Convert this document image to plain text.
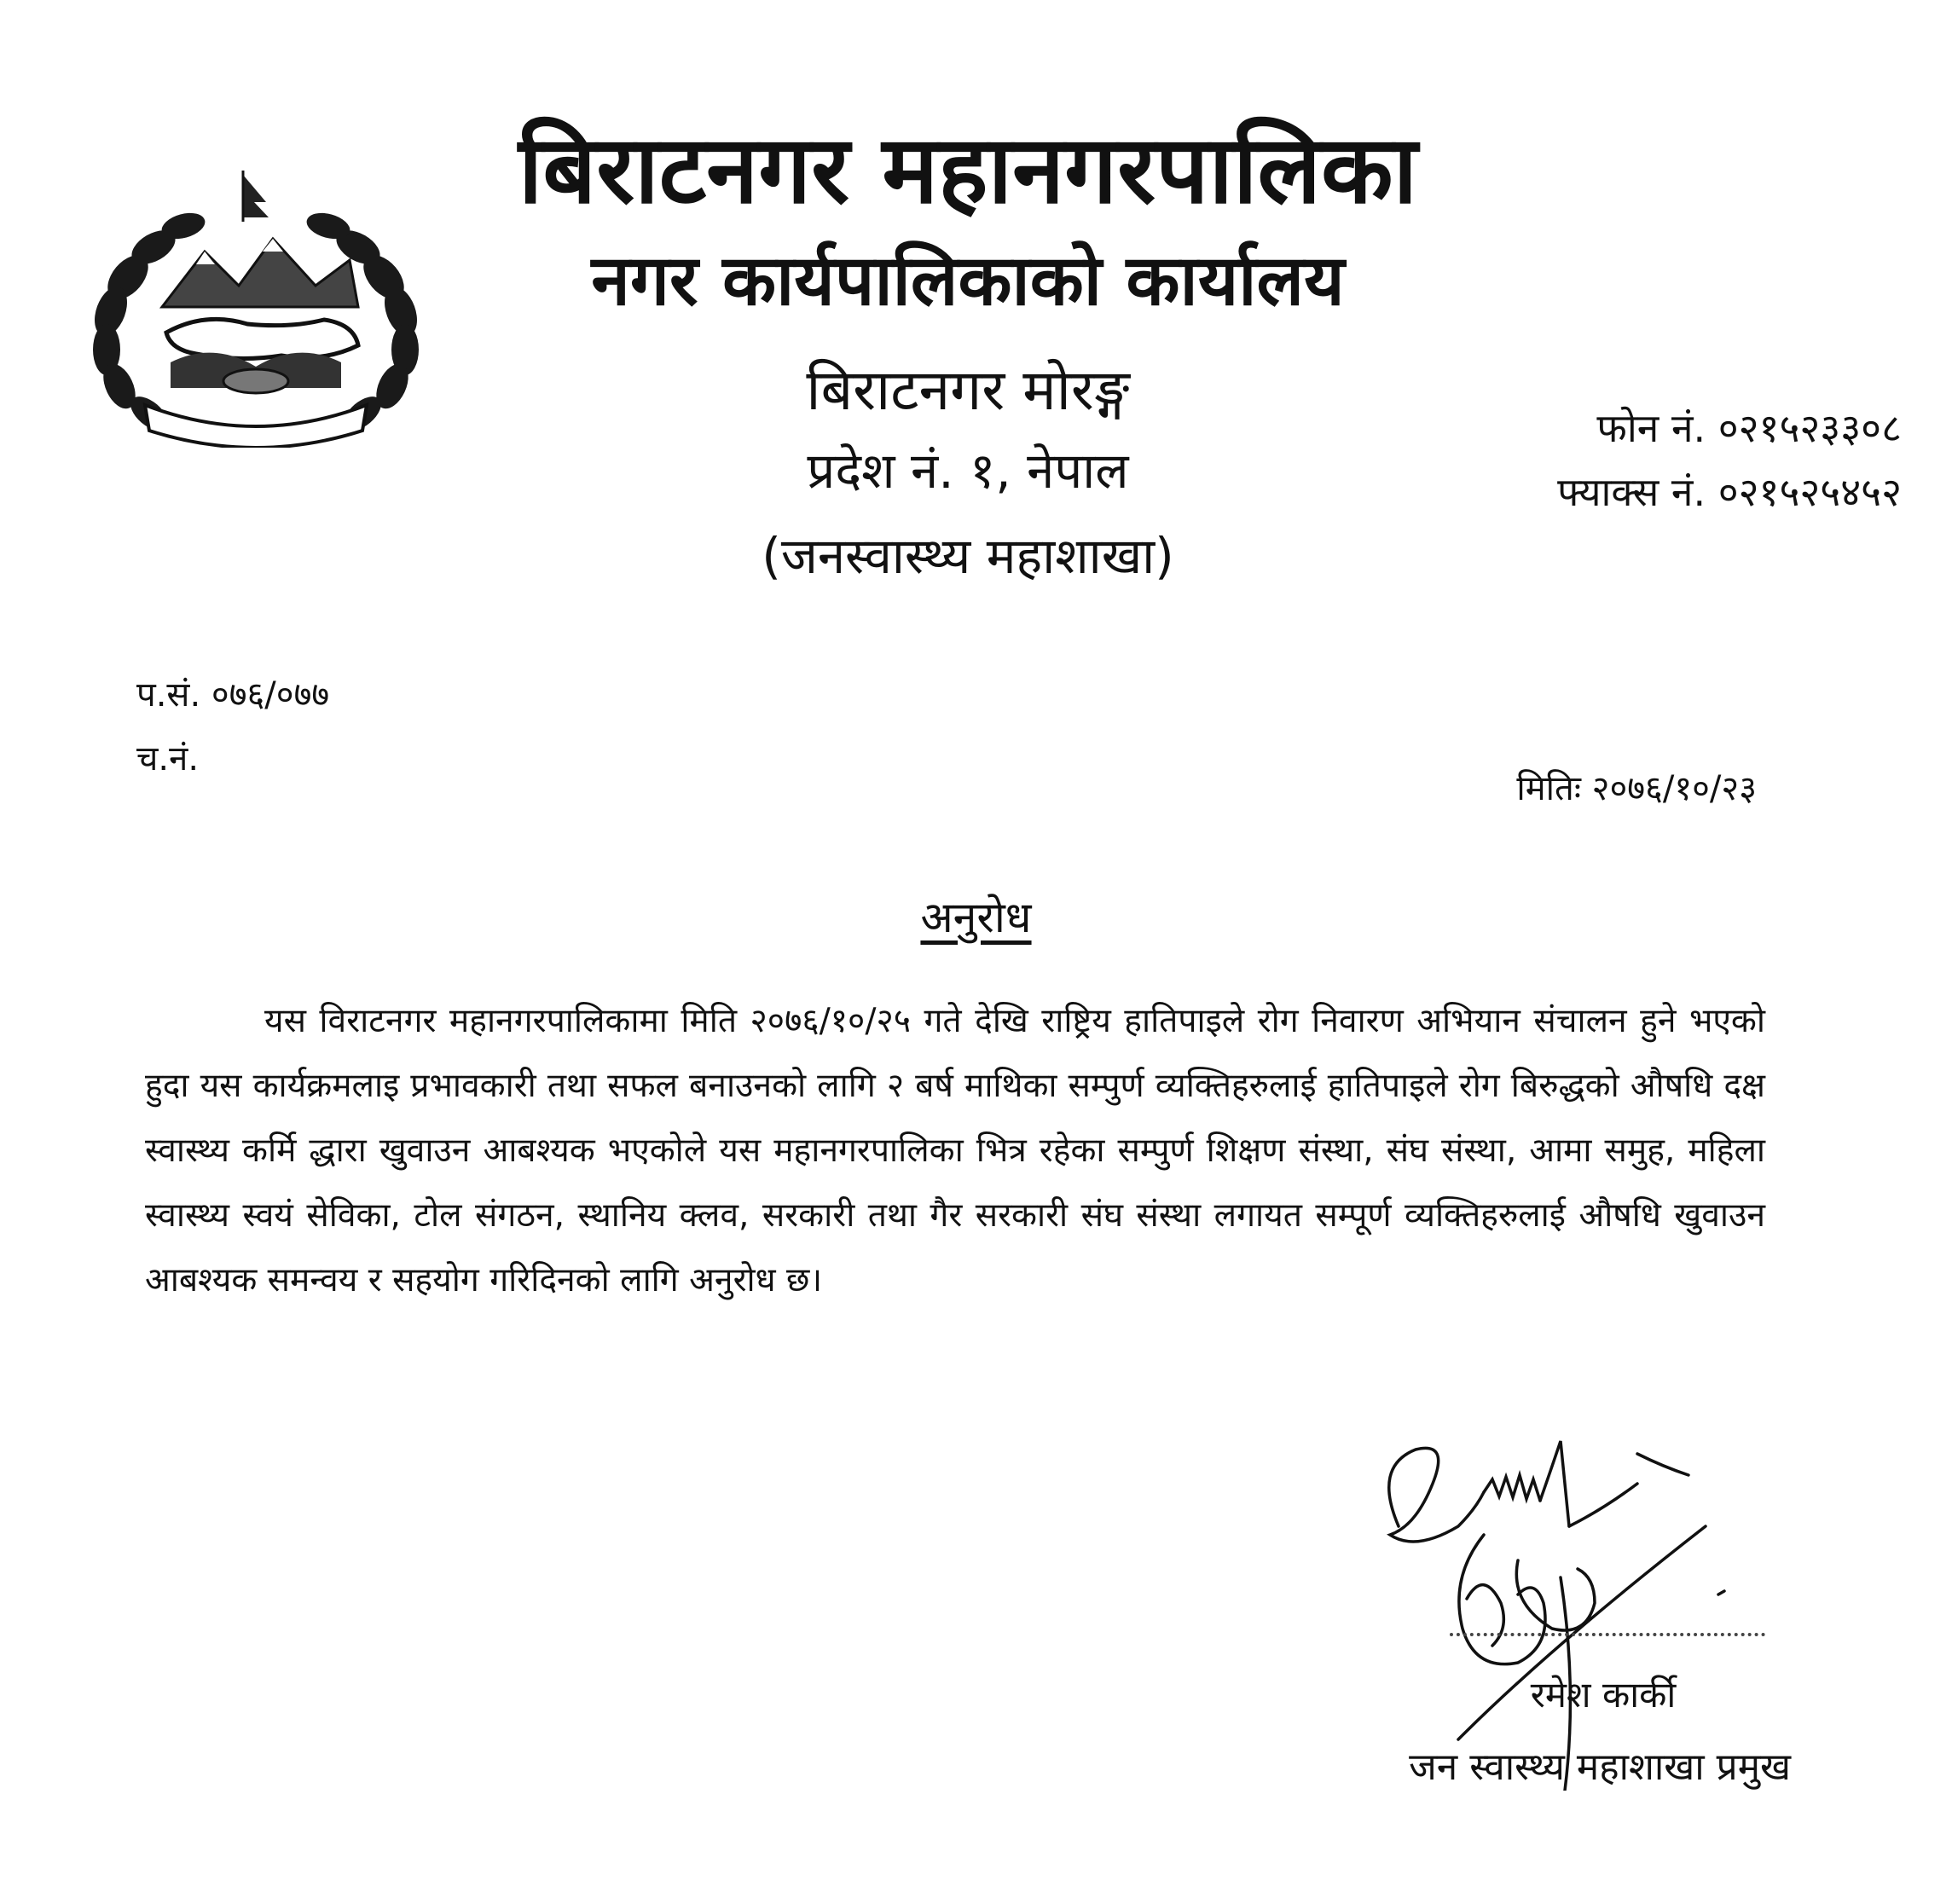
बिराटनगर महानगरपालिका
नगर कार्यपालिकाको कार्यालय
बिराटनगर मोरङ्ग
प्रदेश नं. १, नेपाल
(जनस्वास्थ्य महाशाखा)
फोन नं. ०२१५२३३०८
फ्याक्स नं. ०२१५२५४५२
प.सं. ०७६/०७७
च.नं.
मितिः २०७६/१०/२३
अनुरोध

यस विराटनगर महानगरपालिकामा मिति २०७६/१०/२५ गते देखि राष्ट्रिय हातिपाइले रोग निवारण अभियान संचालन हुने भएको हुदा यस कार्यक्रमलाइ प्रभावकारी तथा सफल बनाउनको लागि २ बर्ष माथिका सम्पुर्ण व्यक्तिहरुलाई हातिपाइले रोग बिरुद्धको औषधि दक्ष स्वास्थ्य कर्मि द्धारा खुवाउन आबश्यक भएकोले यस महानगरपालिका भित्र रहेका सम्पुर्ण शिक्षण संस्था, संघ संस्था, आमा समुह, महिला स्वास्थ्य स्वयं सेविका, टोल संगठन, स्थानिय क्लव, सरकारी तथा गैर सरकारी संघ संस्था लगायत सम्पूर्ण व्यक्तिहरुलाई औषधि खुवाउन आबश्यक समन्वय र सहयोग गरिदिनको लागि अनुरोध छ।

रमेश कार्की
जन स्वास्थ्य महाशाखा प्रमुख
